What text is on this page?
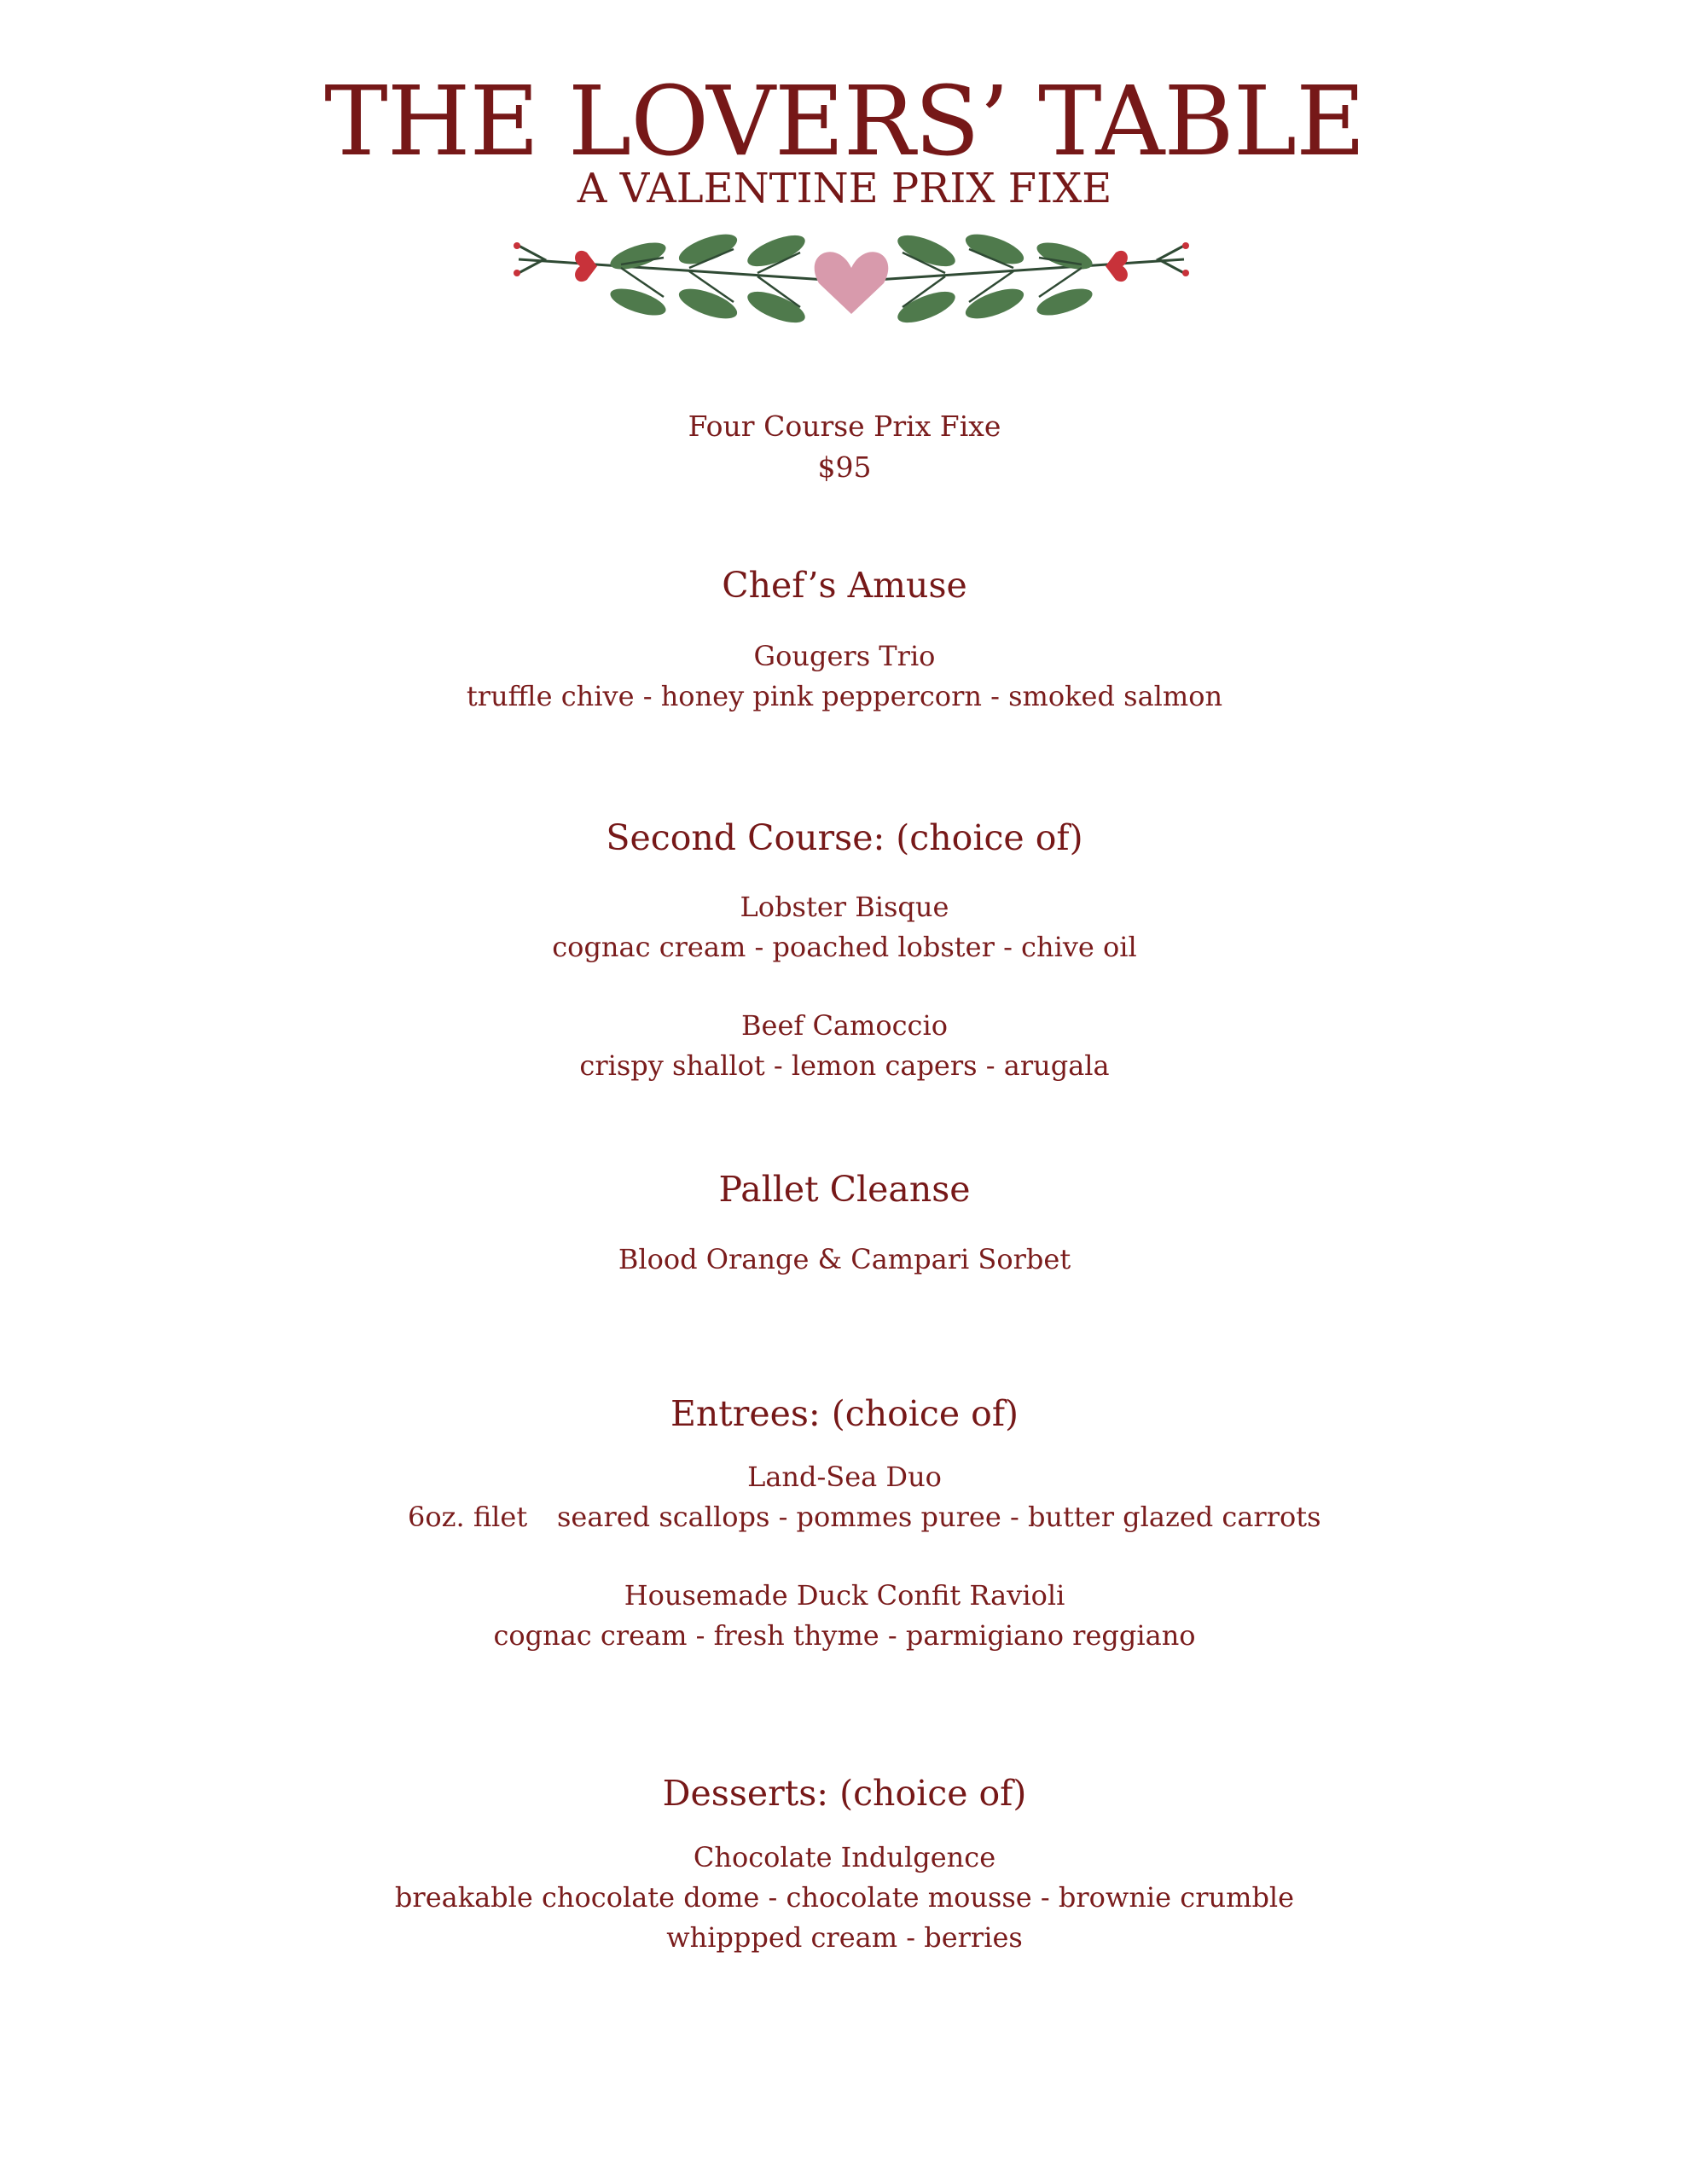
THE LOVERS’ TABLE
A VALENTINE PRIX FIXE
Four Course Prix Fixe
$95
Chef’s Amuse
Gougers Trio
truffle chive - honey pink peppercorn - smoked salmon
Second Course: (choice of)
Lobster Bisque
cognac cream - poached lobster - chive oil
Beef Camoccio
crispy shallot - lemon capers - arugala
Pallet Cleanse
Blood Orange & Campari Sorbet
Entrees: (choice of)
Land-Sea Duo
6oz. filet seared scallops - pommes puree - butter glazed carrots
Housemade Duck Confit Ravioli
cognac cream - fresh thyme - parmigiano reggiano
Desserts: (choice of)
Chocolate Indulgence
breakable chocolate dome - chocolate mousse - brownie crumble
whippped cream - berries
